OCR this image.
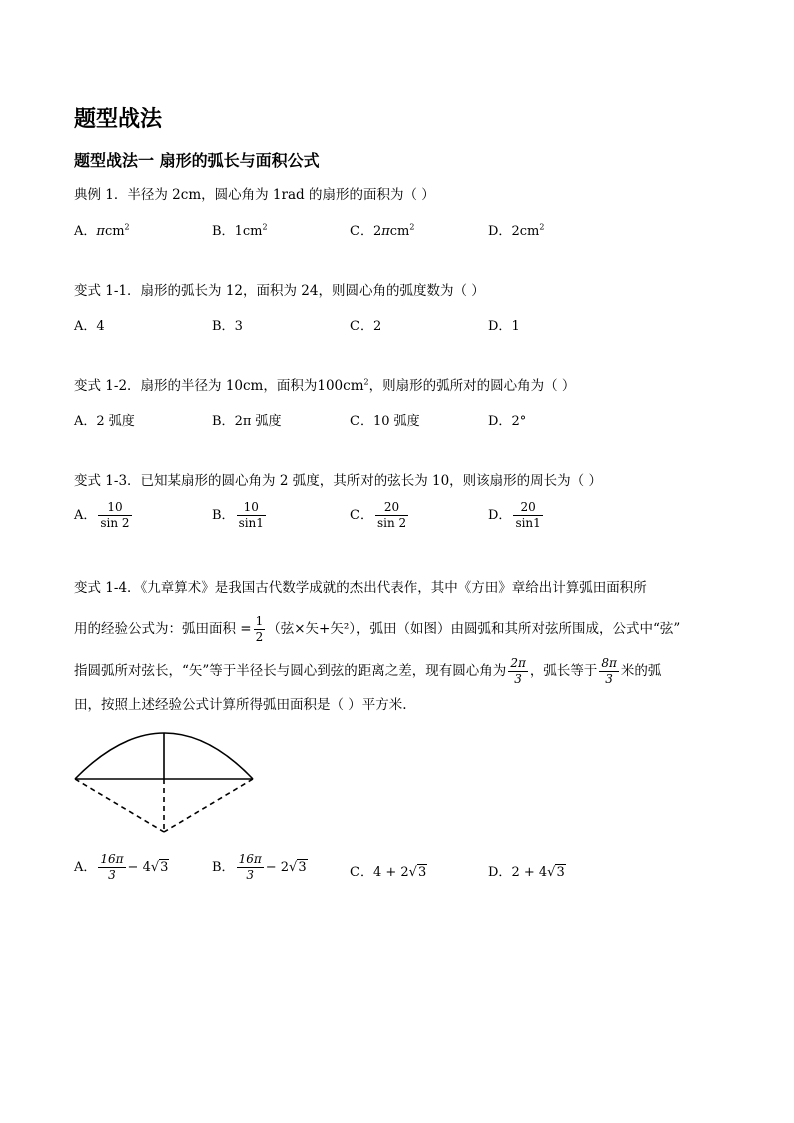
题型战法
题型战法一 扇形的弧长与面积公式
典例 1．半径为 2cm，圆心角为 1rad 的扇形的面积为（ ）
A．πcm$^2$	B．$1cm^2$	C．2πcm$^2$	D．$2cm^2$
变式 1-1．扇形的弧长为 12，面积为 24，则圆心角的弧度数为（ ）
A．4	B．3	C．2	D．1
变式 1-2．扇形的半径为 10cm，面积为$100cm^2$，则扇形的弧所对的圆心角为（ ）
A．2 弧度	B．2π 弧度	C．10 弧度	D．2°
变式 1-3．已知某扇形的圆心角为 2 弧度，其所对的弦长为 10，则该扇形的周长为（ ）
A． $\frac{10}{\sin 2}$	B． $\frac{10}{\sin 1}$	C． $\frac{20}{\sin 2}$	D． $\frac{20}{\sin 1}$
变式 1-4．《九章算术》是我国古代数学成就的杰出代表作，其中《方田》章给出计算弧田面积所
用的经验公式为：弧田面积 = $\frac{1}{2}$ （弦×矢+矢²），弧田（如图）由圆弧和其所对弦所围成，公式中“弦”
指圆弧所对弦长，“矢”等于半径长与圆心到弦的距离之差，现有圆心角为 $\frac{2\pi}{3}$ ，弧长等于 $\frac{8\pi}{3}$ 米的弧
田，按照上述经验公式计算所得弧田面积是（ ）平方米.
A． $\frac{16\pi}{3} - 4√3$	B． $\frac{16\pi}{3} - 2√3$	C．4 + 2√3	D．2 + 4√3
